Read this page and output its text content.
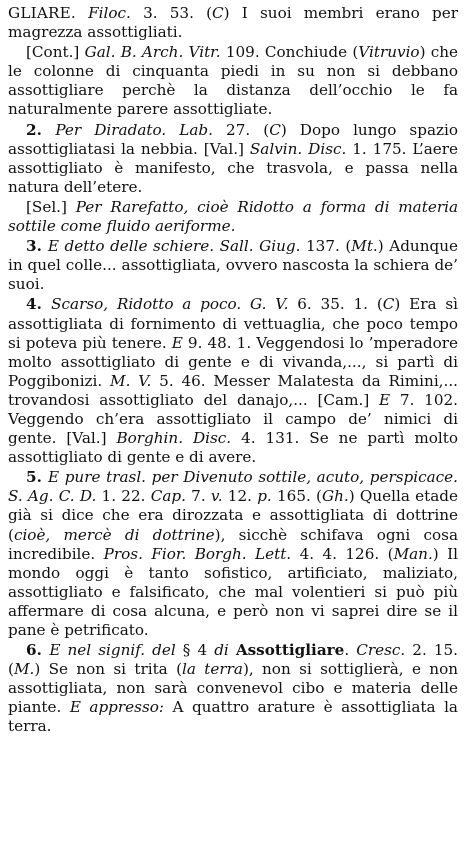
GLIARE. Filoc. 3. 53. (C) I suoi membri erano per magrezza assottigliati.

[Cont.] Gal. B. Arch. Vitr. 109. Conchiude (Vitruvio) che le colonne di cinquanta piedi in su non si debbano assottigliare perchè la distanza dell’occhio le fa naturalmente parere assottigliate.

2. Per Diradato. Lab. 27. (C) Dopo lungo spazio assottigliatasi la nebbia. [Val.] Salvin. Disc. 1. 175. L’aere assottigliato è manifesto, che trasvola, e passa nella natura dell’etere.

[Sel.] Per Rarefatto, cioè Ridotto a forma di materia sottile come fluido aeriforme.

3. E detto delle schiere. Sall. Giug. 137. (Mt.) Adunque in quel colle... assottigliata, ovvero nascosta la schiera de’ suoi.

4. Scarso, Ridotto a poco. G. V. 6. 35. 1. (C) Era sì assottigliata di fornimento di vettuaglia, che poco tempo si poteva più tenere. E 9. 48. 1. Veggendosi lo ’mperadore molto assottigliato di gente e di vivanda,..., si partì di Poggibonizi. M. V. 5. 46. Messer Malatesta da Rimini,... trovandosi assottigliato del danajo,... [Cam.] E 7. 102. Veggendo ch’era assottigliato il campo de’ nimici di gente. [Val.] Borghin. Disc. 4. 131. Se ne partì molto assottigliato di gente e di avere.

5. E pure trasl. per Divenuto sottile, acuto, perspicace. S. Ag. C. D. 1. 22. Cap. 7. v. 12. p. 165. (Gh.) Quella etade già si dice che era dirozzata e assottigliata di dottrine (cioè, mercè di dottrine), sicchè schifava ogni cosa incredibile. Pros. Fior. Borgh. Lett. 4. 4. 126. (Man.) Il mondo oggi è tanto sofistico, artificiato, maliziato, assottigliato e falsificato, che mal volentieri si può più affermare di cosa alcuna, e però non vi saprei dire se il pane è petrificato.

6. E nel signif. del § 4 di Assottigliare. Cresc. 2. 15. (M.) Se non si trita (la terra), non si sottiglierà, e non assottigliata, non sarà convenevol cibo e materia delle piante. E appresso: A quattro arature è assottigliata la terra.
